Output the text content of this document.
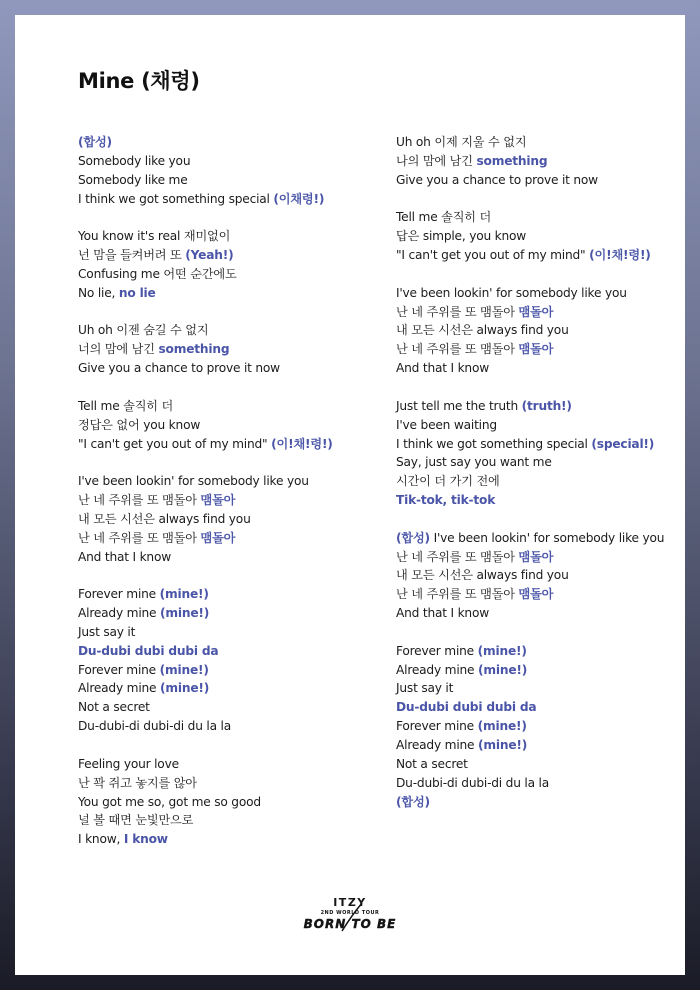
Mine (채령)
(합성)
Somebody like you
Somebody like me
I think we got something special (이채령!)
You know it's real 재미없이
넌 맘을 들켜버려 또 (Yeah!)
Confusing me 어떤 순간에도
No lie, no lie
Uh oh 이젠 숨길 수 없지
너의 맘에 남긴 something
Give you a chance to prove it now
Tell me 솔직히 더
정답은 없어 you know
"I can't get you out of my mind" (이!채!령!)
I've been lookin' for somebody like you
난 네 주위를 또 맴돌아 맴돌아
내 모든 시선은 always find you
난 네 주위를 또 맴돌아 맴돌아
And that I know
Forever mine (mine!)
Already mine (mine!)
Just say it
Du-dubi dubi dubi da
Forever mine (mine!)
Already mine (mine!)
Not a secret
Du-dubi-di dubi-di du la la
Feeling your love
난 꽉 쥐고 놓지를 않아
You got me so, got me so good
널 볼 때면 눈빛만으로
I know, I know
Uh oh 이제 지울 수 없지
나의 맘에 남긴 something
Give you a chance to prove it now
Tell me 솔직히 더
답은 simple, you know
"I can't get you out of my mind" (이!채!령!)
I've been lookin' for somebody like you
난 네 주위를 또 맴돌아 맴돌아
내 모든 시선은 always find you
난 네 주위를 또 맴돌아 맴돌아
And that I know
Just tell me the truth (truth!)
I've been waiting
I think we got something special (special!)
Say, just say you want me
시간이 더 가기 전에
Tik-tok, tik-tok
(합성) I've been lookin' for somebody like you
난 네 주위를 또 맴돌아 맴돌아
내 모든 시선은 always find you
난 네 주위를 또 맴돌아 맴돌아
And that I know
Forever mine (mine!)
Already mine (mine!)
Just say it
Du-dubi dubi dubi da
Forever mine (mine!)
Already mine (mine!)
Not a secret
Du-dubi-di dubi-di du la la
(합성)
ITZY
2ND WORLD TOUR
BORN TO BE
